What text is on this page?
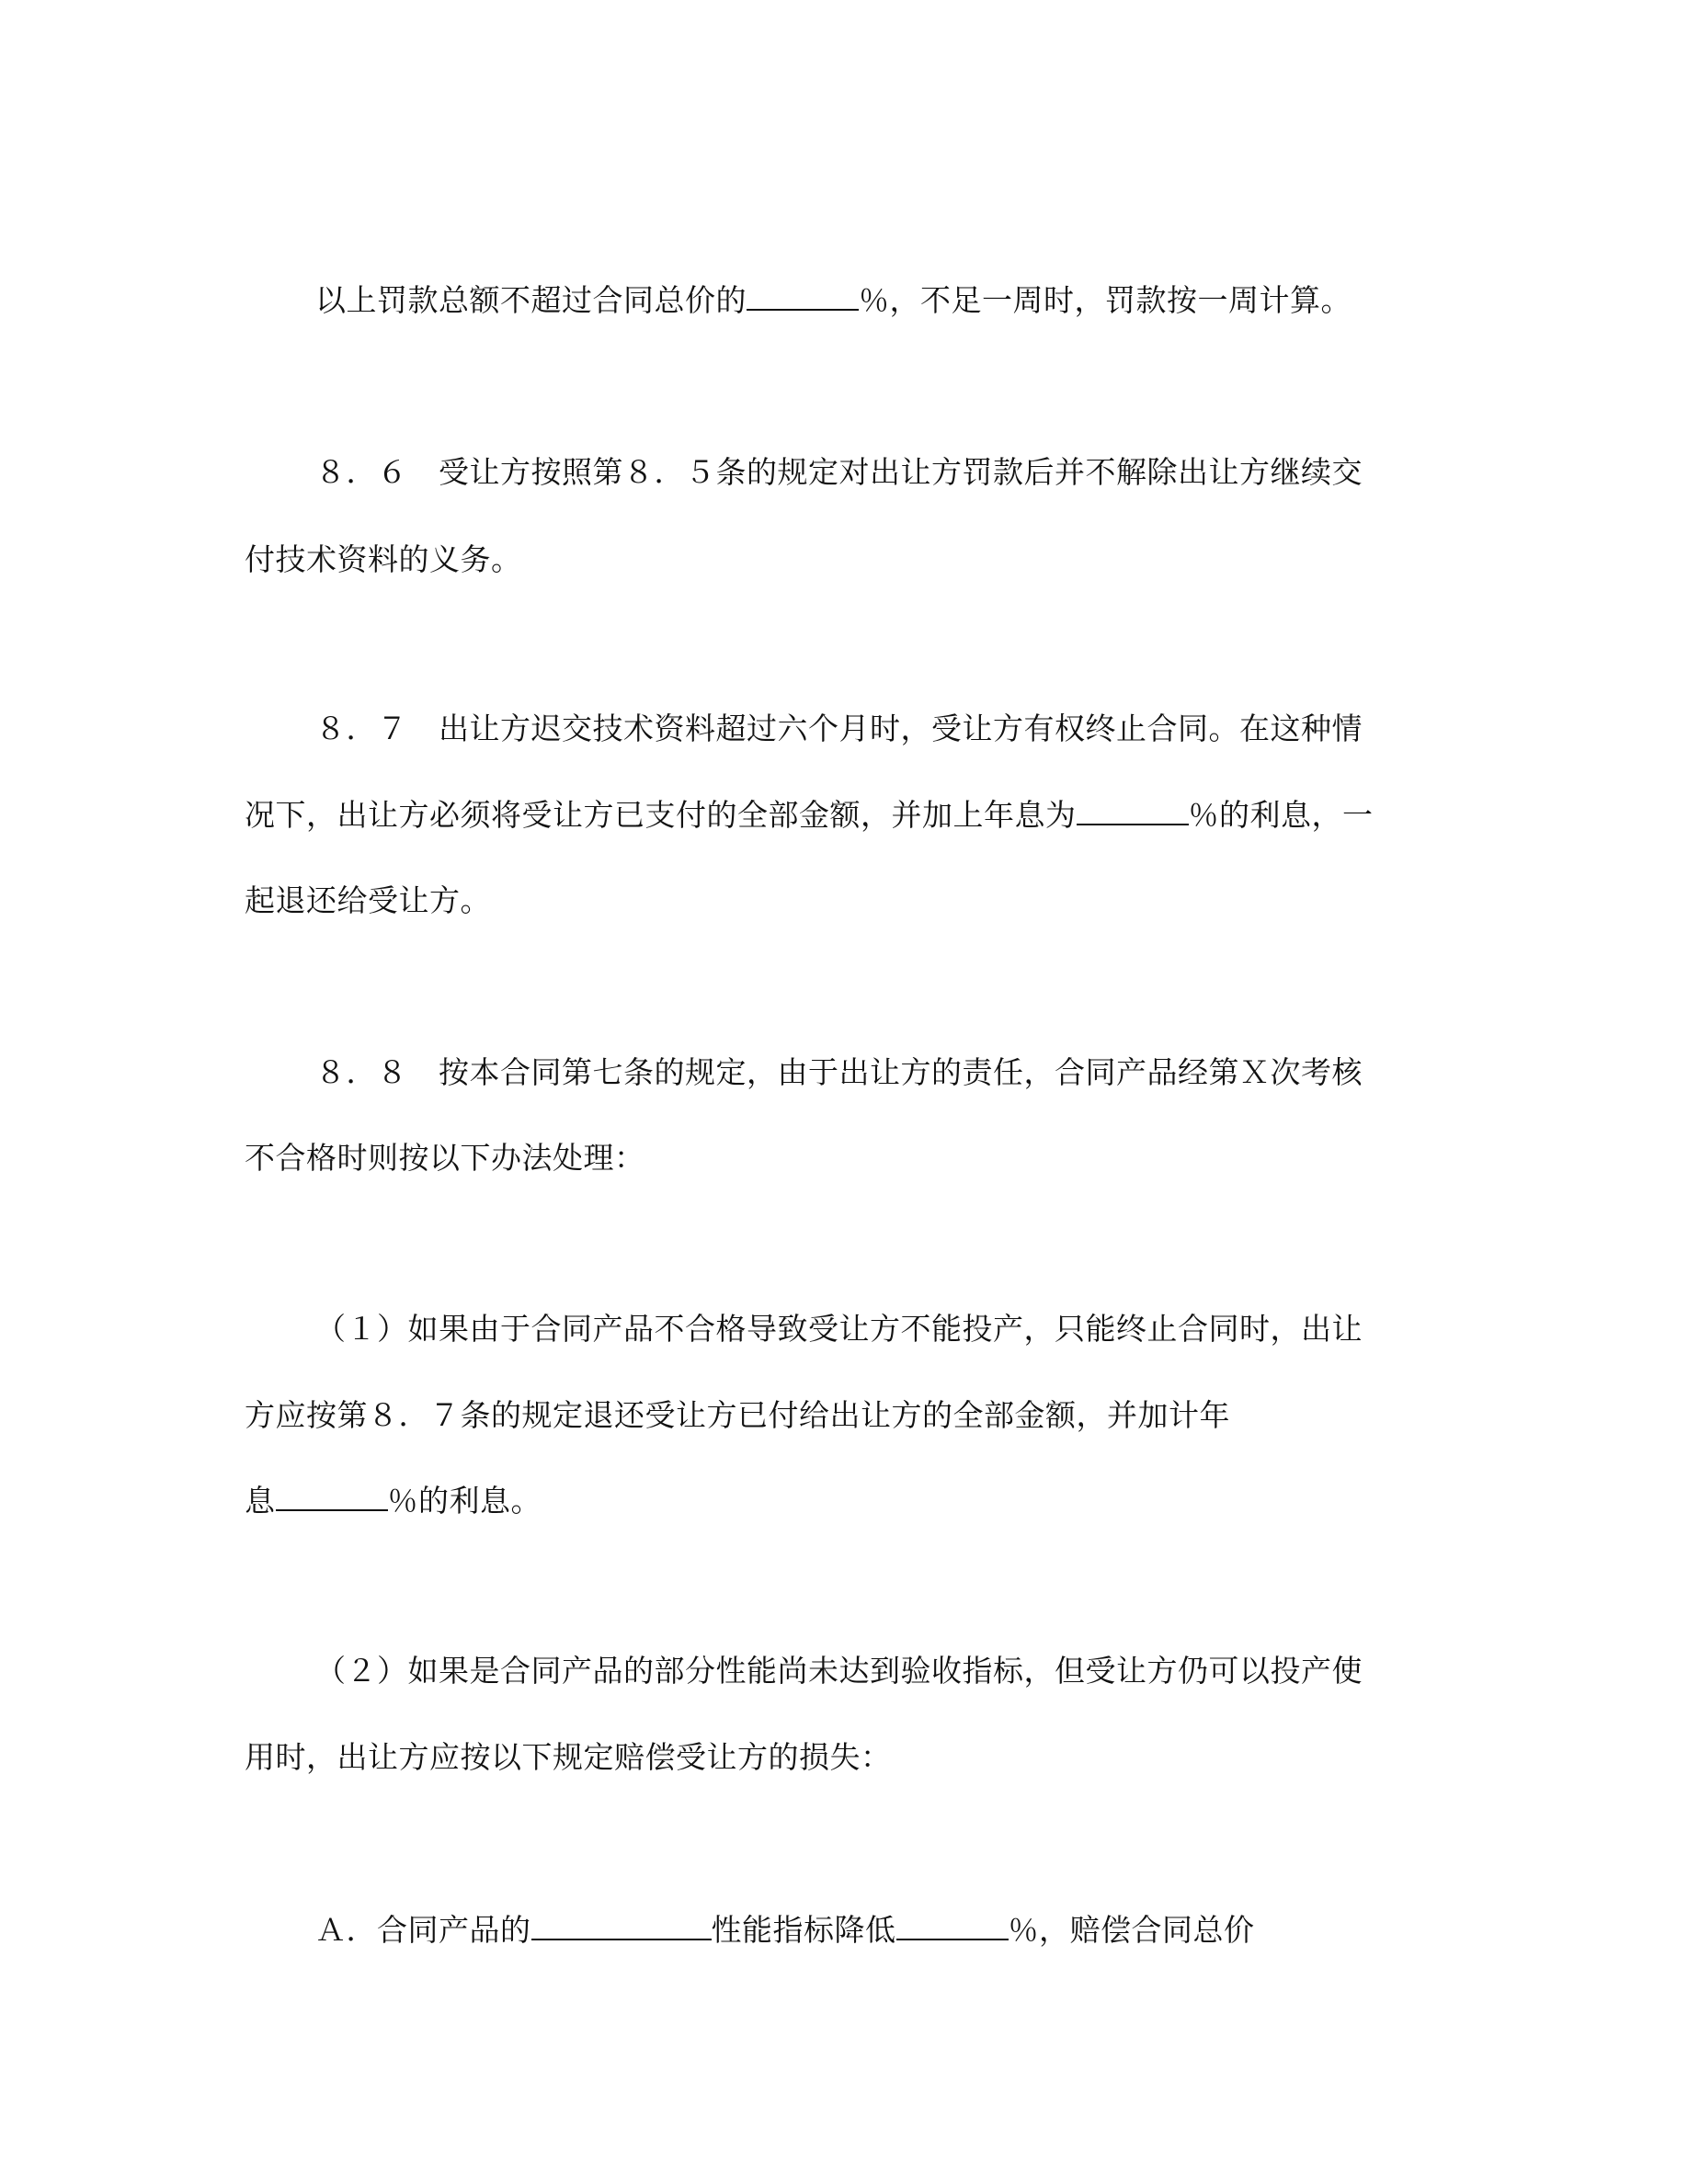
以上罚款总额不超过合同总价的	％，不足一周时，罚款按一周计算。
８．６　受让方按照第８．５条的规定对出让方罚款后并不解除出让方继续交
付技术资料的义务。
８．７　出让方迟交技术资料超过六个月时，受让方有权终止合同。在这种情
况下，出让方必须将受让方已支付的全部金额，并加上年息为	％的利息，一
起退还给受让方。
８．８　按本合同第七条的规定，由于出让方的责任，合同产品经第Ｘ次考核
不合格时则按以下办法处理：
（１）如果由于合同产品不合格导致受让方不能投产，只能终止合同时，出让
方应按第８．７条的规定退还受让方已付给出让方的全部金额，并加计年
息	％的利息。
（２）如果是合同产品的部分性能尚未达到验收指标，但受让方仍可以投产使
用时，出让方应按以下规定赔偿受让方的损失：
Ａ．合同产品的	性能指标降低	％，赔偿合同总价
